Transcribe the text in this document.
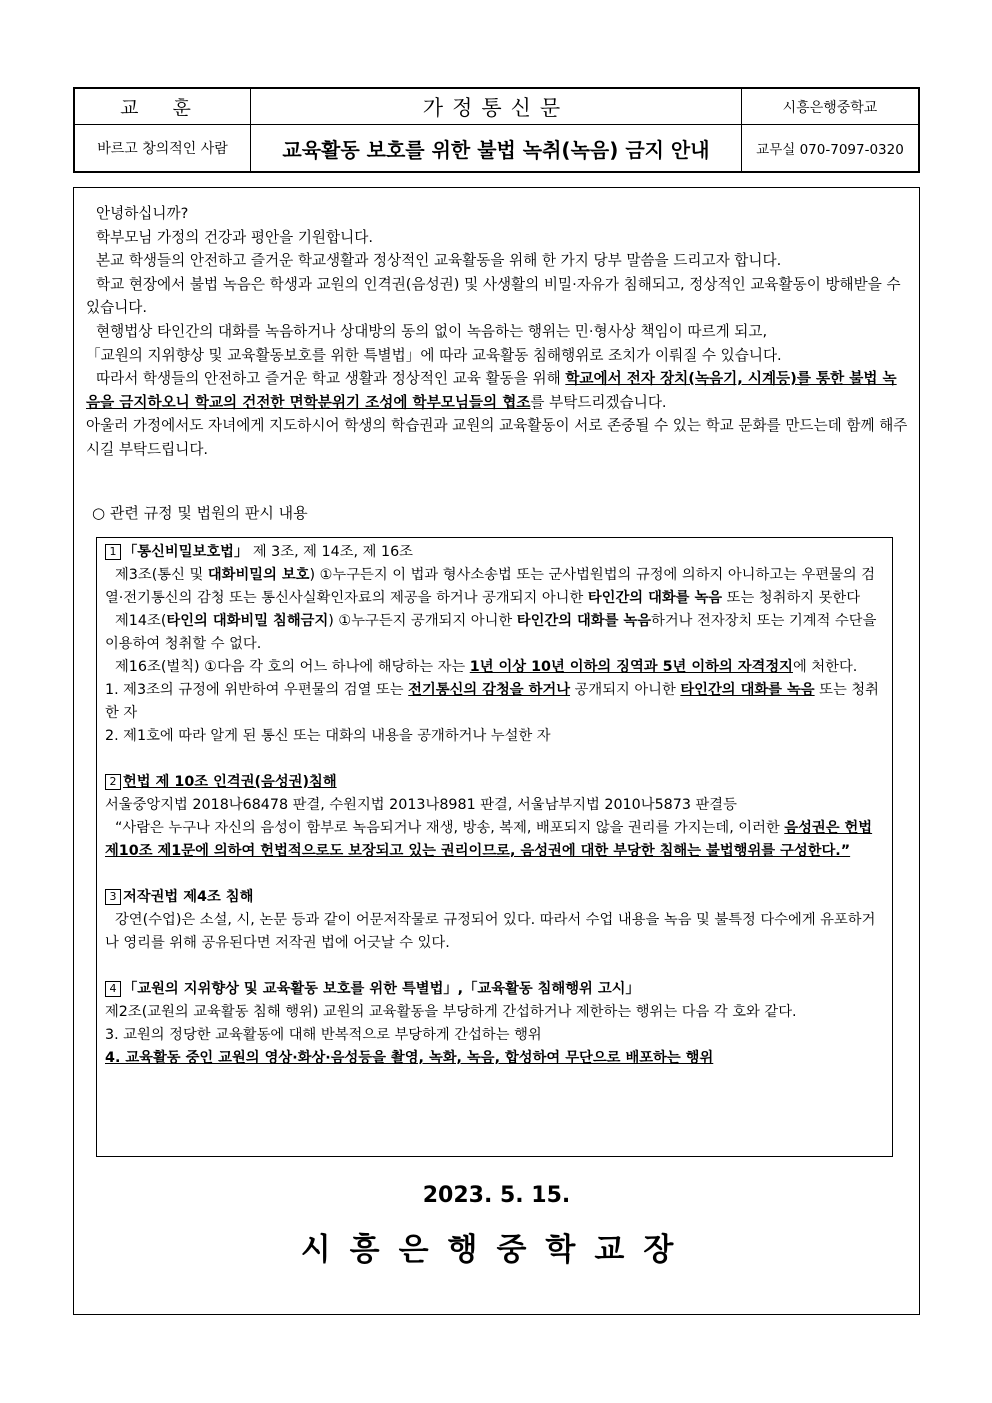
교 훈	가정통신문	시흥은행중학교
바르고 창의적인 사람	교육활동 보호를 위한 불법 녹취(녹음) 금지 안내	교무실 070-7097-0320

안녕하십니까?

학부모님 가정의 건강과 평안을 기원합니다.

본교 학생들의 안전하고 즐거운 학교생활과 정상적인 교육활동을 위해 한 가지 당부 말씀을 드리고자 합니다.

학교 현장에서 불법 녹음은 학생과 교원의 인격권(음성권) 및 사생활의 비밀·자유가 침해되고, 정상적인 교육활동이 방해받을 수 있습니다.

현행법상 타인간의 대화를 녹음하거나 상대방의 동의 없이 녹음하는 행위는 민·형사상 책임이 따르게 되고,

「교원의 지위향상 및 교육활동보호를 위한 특별법」에 따라 교육활동 침해행위로 조치가 이뤄질 수 있습니다.

따라서 학생들의 안전하고 즐거운 학교 생활과 정상적인 교육 활동을 위해 학교에서 전자 장치(녹음기, 시계등)를 통한 불법 녹음을 금지하오니 학교의 건전한 면학분위기 조성에 학부모님들의 협조를 부탁드리겠습니다.

아울러 가정에서도 자녀에게 지도하시어 학생의 학습권과 교원의 교육활동이 서로 존중될 수 있는 학교 문화를 만드는데 함께 해주시길 부탁드립니다.

○ 관련 규정 및 법원의 판시 내용

1 「통신비밀보호법」 제 3조, 제 14조, 제 16조

제3조(통신 및 대화비밀의 보호) ①누구든지 이 법과 형사소송법 또는 군사법원법의 규정에 의하지 아니하고는 우편물의 검열·전기통신의 감청 또는 통신사실확인자료의 제공을 하거나 공개되지 아니한 타인간의 대화를 녹음 또는 청취하지 못한다

제14조(타인의 대화비밀 침해금지) ①누구든지 공개되지 아니한 타인간의 대화를 녹음하거나 전자장치 또는 기계적 수단을 이용하여 청취할 수 없다.

제16조(벌칙) ①다음 각 호의 어느 하나에 해당하는 자는 1년 이상 10년 이하의 징역과 5년 이하의 자격정지에 처한다.

1. 제3조의 규정에 위반하여 우편물의 검열 또는 전기통신의 감청을 하거나 공개되지 아니한 타인간의 대화를 녹음 또는 청취한 자

2. 제1호에 따라 알게 된 통신 또는 대화의 내용을 공개하거나 누설한 자

2 헌법 제 10조 인격권(음성권)침해

서울중앙지법 2018나68478 판결, 수원지법 2013나8981 판결, 서울남부지법 2010나5873 판결등

“사람은 누구나 자신의 음성이 함부로 녹음되거나 재생, 방송, 복제, 배포되지 않을 권리를 가지는데, 이러한 음성권은 헌법 제10조 제1문에 의하여 헌법적으로도 보장되고 있는 권리이므로, 음성권에 대한 부당한 침해는 불법행위를 구성한다.”

3 저작권법 제4조 침해

강연(수업)은 소설, 시, 논문 등과 같이 어문저작물로 규정되어 있다. 따라서 수업 내용을 녹음 및 불특정 다수에게 유포하거나 영리를 위해 공유된다면 저작권 법에 어긋날 수 있다.

4 「교원의 지위향상 및 교육활동 보호를 위한 특별법」,「교육활동 침해행위 고시」

제2조(교원의 교육활동 침해 행위) 교원의 교육활동을 부당하게 간섭하거나 제한하는 행위는 다음 각 호와 같다.

3. 교원의 정당한 교육활동에 대해 반복적으로 부당하게 간섭하는 행위

4. 교육활동 중인 교원의 영상·화상·음성등을 촬영, 녹화, 녹음, 합성하여 무단으로 배포하는 행위

2023. 5. 15.
시흥은행중학교장
